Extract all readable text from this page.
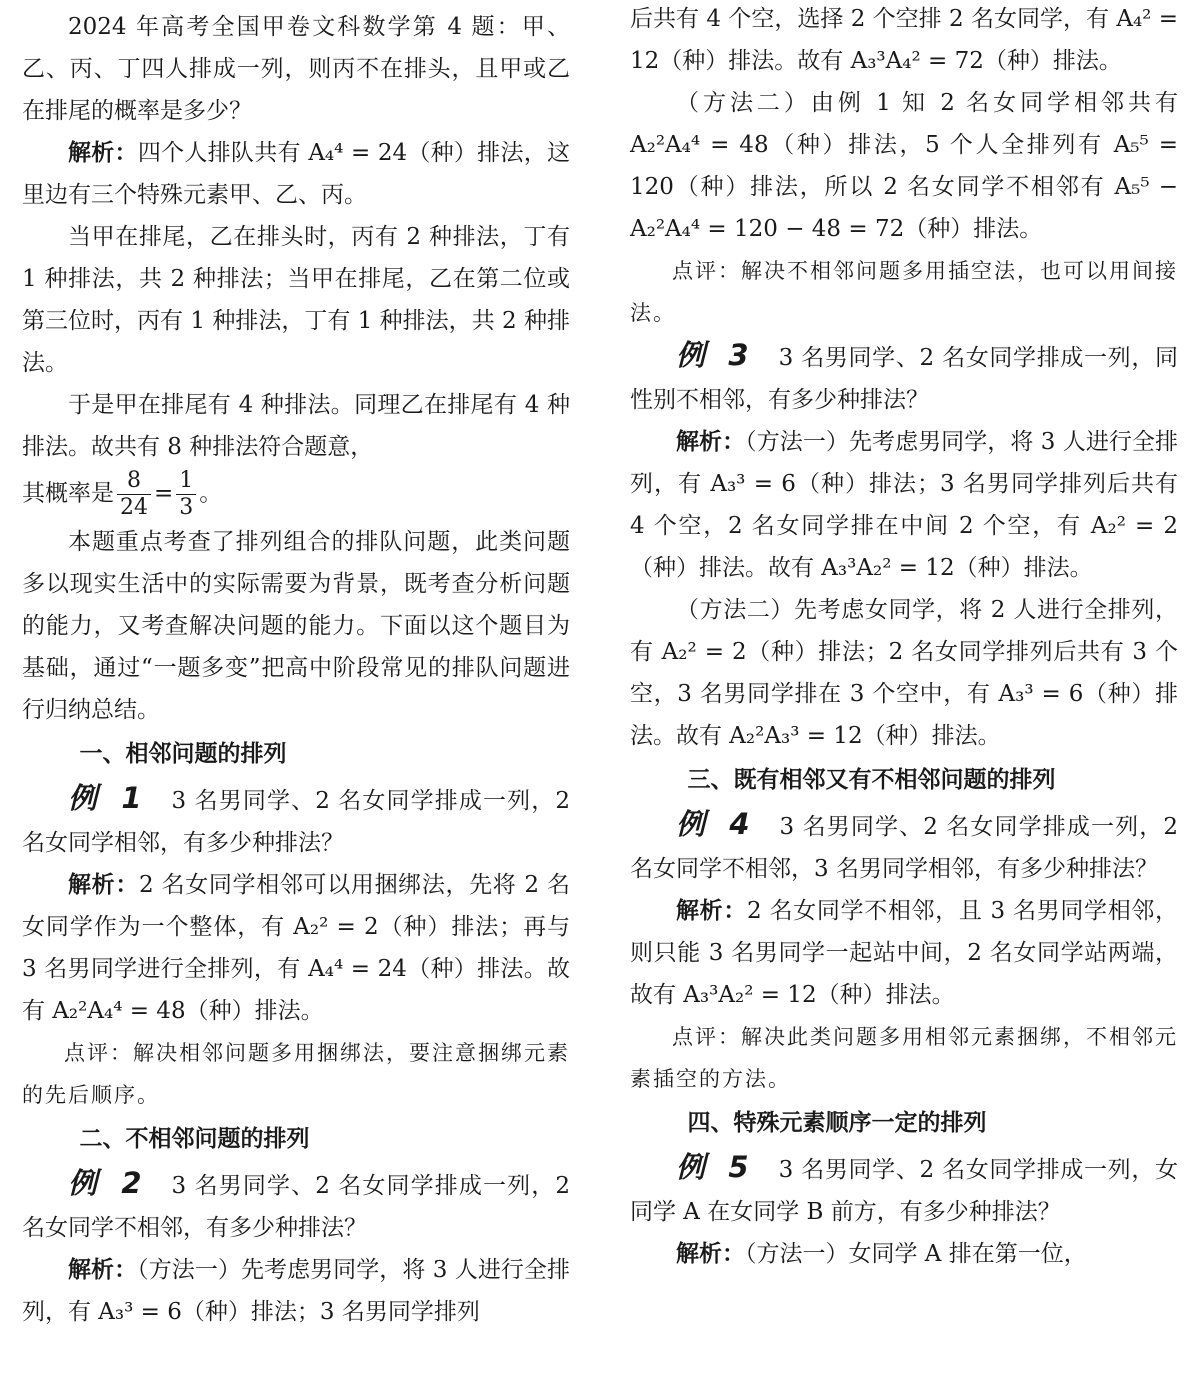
2024 年高考全国甲卷文科数学第 4 题：甲、乙、丙、丁四人排成一列，则丙不在排头，且甲或乙在排尾的概率是多少？

解析：四个人排队共有 A₄⁴ = 24（种）排法，这里边有三个特殊元素甲、乙、丙。

当甲在排尾，乙在排头时，丙有 2 种排法，丁有 1 种排法，共 2 种排法；当甲在排尾，乙在第二位或第三位时，丙有 1 种排法，丁有 1 种排法，共 2 种排法。

于是甲在排尾有 4 种排法。同理乙在排尾有 4 种排法。故共有 8 种排法符合题意，

其概率是 $\frac{8}{24} = \frac{1}{3}$ 。

本题重点考查了排列组合的排队问题，此类问题多以现实生活中的实际需要为背景，既考查分析问题的能力，又考查解决问题的能力。下面以这个题目为基础，通过“一题多变”把高中阶段常见的排队问题进行归纳总结。

一、相邻问题的排列

例 1 3 名男同学、2 名女同学排成一列，2 名女同学相邻，有多少种排法？

解析：2 名女同学相邻可以用捆绑法，先将 2 名女同学作为一个整体，有 A₂² = 2（种）排法；再与 3 名男同学进行全排列，有 A₄⁴ = 24（种）排法。故有 A₂²A₄⁴ = 48（种）排法。

点评：解决相邻问题多用捆绑法，要注意捆绑元素的先后顺序。

二、不相邻问题的排列

例 2 3 名男同学、2 名女同学排成一列，2 名女同学不相邻，有多少种排法？

解析：（方法一）先考虑男同学，将 3 人进行全排列，有 A₃³ = 6（种）排法；3 名男同学排列

后共有 4 个空，选择 2 个空排 2 名女同学，有 A₄² = 12（种）排法。故有 A₃³A₄² = 72（种）排法。

（方法二）由例 1 知 2 名女同学相邻共有 A₂²A₄⁴ = 48（种）排法，5 个人全排列有 A₅⁵ = 120（种）排法，所以 2 名女同学不相邻有 A₅⁵ − A₂²A₄⁴ = 120 − 48 = 72（种）排法。

点评：解决不相邻问题多用插空法，也可以用间接法。

例 3 3 名男同学、2 名女同学排成一列，同性别不相邻，有多少种排法？

解析：（方法一）先考虑男同学，将 3 人进行全排列，有 A₃³ = 6（种）排法；3 名男同学排列后共有 4 个空，2 名女同学排在中间 2 个空，有 A₂² = 2（种）排法。故有 A₃³A₂² = 12（种）排法。

（方法二）先考虑女同学，将 2 人进行全排列，有 A₂² = 2（种）排法；2 名女同学排列后共有 3 个空，3 名男同学排在 3 个空中，有 A₃³ = 6（种）排法。故有 A₂²A₃³ = 12（种）排法。

三、既有相邻又有不相邻问题的排列

例 4 3 名男同学、2 名女同学排成一列，2 名女同学不相邻，3 名男同学相邻，有多少种排法？

解析：2 名女同学不相邻，且 3 名男同学相邻，则只能 3 名男同学一起站中间，2 名女同学站两端，故有 A₃³A₂² = 12（种）排法。

点评：解决此类问题多用相邻元素捆绑，不相邻元素插空的方法。

四、特殊元素顺序一定的排列

例 5 3 名男同学、2 名女同学排成一列，女同学 A 在女同学 B 前方，有多少种排法？

解析：（方法一）女同学 A 排在第一位，
